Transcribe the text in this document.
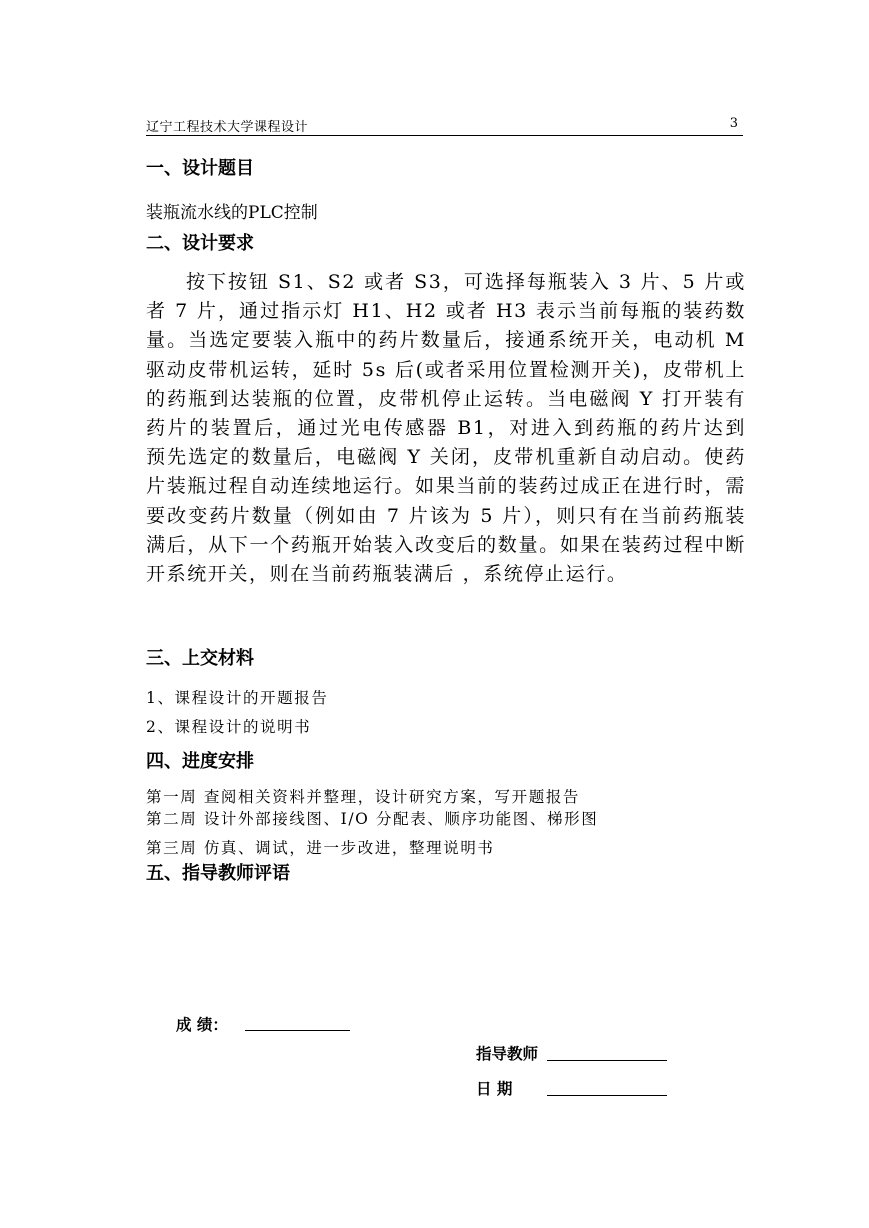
辽宁工程技术大学课程设计	3
一、设计题目
装瓶流水线的PLC控制
二、设计要求

按下按钮 S1、S2 或者 S3，可选择每瓶装入 3 片、5 片或者 7 片，通过指示灯 H1、H2 或者 H3 表示当前每瓶的装药数量。当选定要装入瓶中的药片数量后，接通系统开关，电动机 M 驱动皮带机运转，延时 5s 后(或者采用位置检测开关)，皮带机上的药瓶到达装瓶的位置，皮带机停止运转。当电磁阀 Y 打开装有药片的装置后，通过光电传感器 B1，对进入到药瓶的药片达到 预先选定的数量后，电磁阀 Y 关闭，皮带机重新自动启动。使药片装瓶过程自动连续地运行。如果当前的装药过成正在进行时，需要改变药片数量（例如由 7 片该为 5 片），则只有在当前药瓶装满后，从下一个药瓶开始装入改变后的数量。如果在装药过程中断开系统开关，则在当前药瓶装满后 ，系统停止运行。

三、上交材料
1、课程设计的开题报告
2、课程设计的说明书
四、进度安排
第一周 查阅相关资料并整理，设计研究方案，写开题报告
第二周 设计外部接线图、I/O 分配表、顺序功能图、梯形图
第三周 仿真、调试，进一步改进，整理说明书
五、指导教师评语
成 绩：
指导教师
日 期
